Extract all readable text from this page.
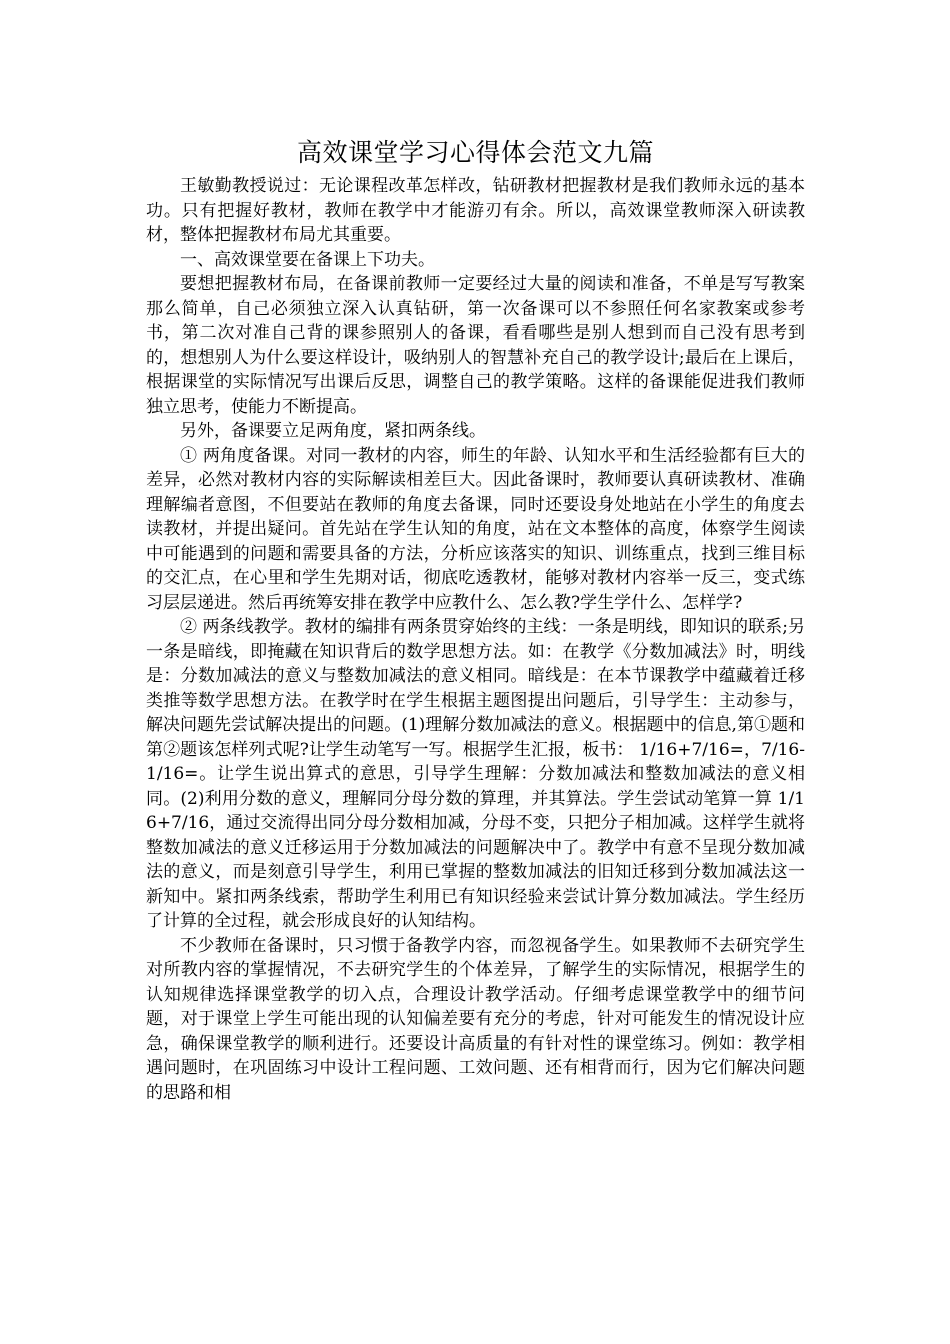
高效课堂学习心得体会范文九篇

王敏勤教授说过：无论课程改革怎样改，钻研教材把握教材是我们教师永远的基本功。只有把握好教材，教师在教学中才能游刃有余。所以，高效课堂教师深入研读教材，整体把握教材布局尤其重要。

一、高效课堂要在备课上下功夫。

要想把握教材布局，在备课前教师一定要经过大量的阅读和准备，不单是写写教案那么简单，自己必须独立深入认真钻研，第一次备课可以不参照任何名家教案或参考书，第二次对准自己背的课参照别人的备课，看看哪些是别人想到而自己没有思考到的，想想别人为什么要这样设计，吸纳别人的智慧补充自己的教学设计;最后在上课后，根据课堂的实际情况写出课后反思，调整自己的教学策略。这样的备课能促进我们教师独立思考，使能力不断提高。

另外，备课要立足两角度，紧扣两条线。

① 两角度备课。对同一教材的内容，师生的年龄、认知水平和生活经验都有巨大的差异，必然对教材内容的实际解读相差巨大。因此备课时，教师要认真研读教材、准确理解编者意图，不但要站在教师的角度去备课，同时还要设身处地站在小学生的角度去读教材，并提出疑问。首先站在学生认知的角度，站在文本整体的高度，体察学生阅读中可能遇到的问题和需要具备的方法，分析应该落实的知识、训练重点，找到三维目标的交汇点，在心里和学生先期对话，彻底吃透教材，能够对教材内容举一反三，变式练习层层递进。然后再统筹安排在教学中应教什么、怎么教?学生学什么、怎样学?

② 两条线教学。教材的编排有两条贯穿始终的主线：一条是明线，即知识的联系;另一条是暗线，即掩藏在知识背后的数学思想方法。如：在教学《分数加减法》时，明线是：分数加减法的意义与整数加减法的意义相同。暗线是：在本节课教学中蕴藏着迁移类推等数学思想方法。在教学时在学生根据主题图提出问题后，引导学生：主动参与，解决问题先尝试解决提出的问题。(1)理解分数加减法的意义。根据题中的信息,第①题和第②题该怎样列式呢?让学生动笔写一写。根据学生汇报，板书： 1/16+7/16=，7/16-1/16=。让学生说出算式的意思，引导学生理解：分数加减法和整数加减法的意义相同。(2)利用分数的意义，理解同分母分数的算理，并其算法。学生尝试动笔算一算 1/16+7/16，通过交流得出同分母分数相加减，分母不变，只把分子相加减。这样学生就将整数加减法的意义迁移运用于分数加减法的问题解决中了。教学中有意不呈现分数加减法的意义，而是刻意引导学生，利用已掌握的整数加减法的旧知迁移到分数加减法这一新知中。紧扣两条线索，帮助学生利用已有知识经验来尝试计算分数加减法。学生经历了计算的全过程，就会形成良好的认知结构。

不少教师在备课时，只习惯于备教学内容，而忽视备学生。如果教师不去研究学生对所教内容的掌握情况，不去研究学生的个体差异，了解学生的实际情况，根据学生的认知规律选择课堂教学的切入点，合理设计教学活动。仔细考虑课堂教学中的细节问题，对于课堂上学生可能出现的认知偏差要有充分的考虑，针对可能发生的情况设计应急，确保课堂教学的顺利进行。还要设计高质量的有针对性的课堂练习。例如：教学相遇问题时，在巩固练习中设计工程问题、工效问题、还有相背而行，因为它们解决问题的思路和相
